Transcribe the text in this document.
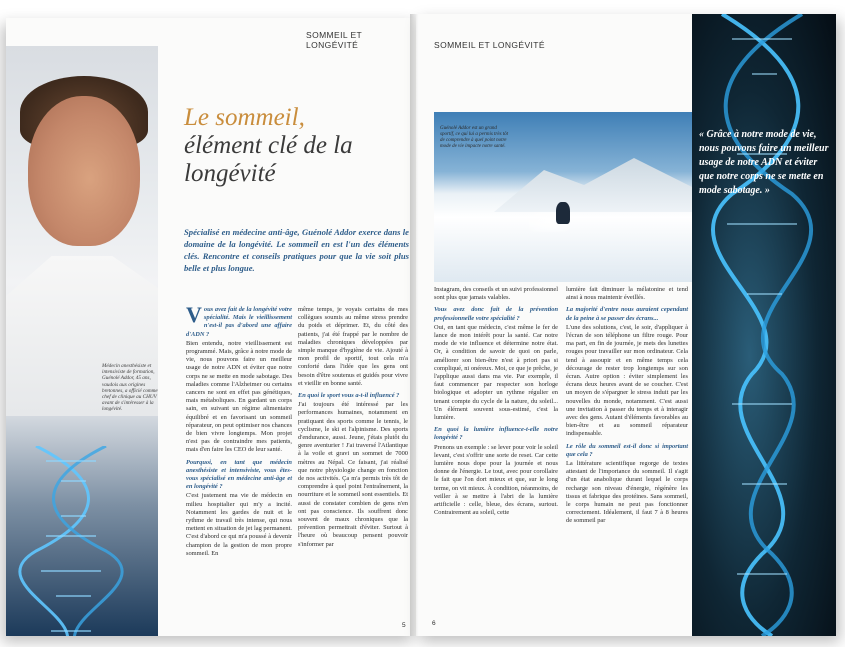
Médecin anesthésiste et intensiviste de formation, Guénolé Addor, 45 ans, vaudois aux origines bretonnes, a officié comme chef de clinique au CHUV avant de s'intéresser à la longévité.
SOMMEIL ET LONGÉVITÉ
Le sommeil,
élément clé de la longévité
Spécialisé en médecine anti-âge, Guénolé Addor exerce dans le domaine de la longévité. Le sommeil en est l'un des éléments clés. Rencontre et conseils pratiques pour que la vie soit plus belle et plus longue.
V ous avez fait de la longévité votre spécialité. Mais le vieillissement n'est-il pas d'abord une affaire d'ADN ?

Bien entendu, notre vieillissement est programmé. Mais, grâce à notre mode de vie, nous pouvons faire un meilleur usage de notre ADN et éviter que notre corps ne se mette en mode sabotage. Des maladies comme l'Alzheimer ou certains cancers ne sont en effet pas génétiques, mais métaboliques. En gardant un corps sain, en suivant un régime alimentaire équilibré et en favorisant un sommeil réparateur, on peut optimiser nos chances de bien vivre longtemps. Mon projet n'est pas de contraindre mes patients, mais d'en faire les CEO de leur santé.

Pourquoi, en tant que médecin anesthésiste et intensiviste, vous êtes-vous spécialisé en médecine anti-âge et en longévité ?

C'est justement ma vie de médecin en milieu hospitalier qui m'y a incité. Notamment les gardes de nuit et le rythme de travail très intense, qui nous mettent en situation de jet lag permanent. C'est d'abord ce qui m'a poussé à devenir champion de la gestion de mon propre sommeil. En

même temps, je voyais certains de mes collègues soumis au même stress prendre du poids et déprimer. Et, du côté des patients, j'ai été frappé par le nombre de maladies chroniques développées par simple manque d'hygiène de vie. Ajouté à mon profil de sportif, tout cela m'a conforté dans l'idée que les gens ont besoin d'être soutenus et guidés pour vivre et vieillir en bonne santé.

En quoi le sport vous a-t-il influencé ?

J'ai toujours été intéressé par les performances humaines, notamment en pratiquant des sports comme le tennis, le cyclisme, le ski et l'alpinisme. Des sports d'endurance, aussi. Jeune, j'étais plutôt du genre aventurier ! J'ai traversé l'Atlantique à la voile et gravi un sommet de 7000 mètres au Népal. Ce faisant, j'ai réalisé que notre physiologie change en fonction de nos activités. Ça m'a permis très tôt de comprendre à quel point l'entraînement, la nourriture et le sommeil sont essentiels. Et aussi de constater combien de gens n'en ont pas conscience. Ils souffrent donc souvent de maux chroniques que la prévention permettrait d'éviter. Surtout à l'heure où beaucoup pensent pouvoir s'informer par

5
SOMMEIL ET LONGÉVITÉ
Guénolé Addor est un grand sportif, ce qui lui a permis très tôt de comprendre à quel point notre mode de vie impacte notre santé.
« Grâce à notre mode de vie, nous pouvons faire un meilleur usage de notre ADN et éviter que notre corps ne se mette en mode sabotage. »

Instagram, des conseils et un suivi professionnel sont plus que jamais valables.

Vous avez donc fait de la prévention professionnelle votre spécialité ?

Oui, en tant que médecin, c'est même le fer de lance de mon intérêt pour la santé. Car notre mode de vie influence et détermine notre état. Or, à condition de savoir de quoi on parle, améliorer son bien-être n'est à priori pas si compliqué, ni onéreux. Moi, ce que je prêche, je l'applique aussi dans ma vie. Par exemple, il faut commencer par respecter son horloge biologique et adopter un rythme régulier en tenant compte du cycle de la nature, du soleil... Un élément souvent sous-estimé, c'est la lumière.

En quoi la lumière influence-t-elle notre longévité ?

Prenons un exemple : se lever pour voir le soleil levant, c'est s'offrir une sorte de reset. Car cette lumière nous dope pour la journée et nous donne de l'énergie. Le tout, avec pour corollaire le fait que l'on dort mieux et que, sur le long terme, on vit mieux. À condition, néanmoins, de veiller à se mettre à l'abri de la lumière artificielle : celle, bleue, des écrans, surtout. Contrairement au soleil, cette

lumière fait diminuer la mélatonine et tend ainsi à nous maintenir éveillés.

La majorité d'entre nous auraient cependant de la peine à se passer des écrans...

L'une des solutions, c'est, le soir, d'appliquer à l'écran de son téléphone un filtre rouge. Pour ma part, en fin de journée, je mets des lunettes rouges pour travailler sur mon ordinateur. Cela tend à assoupir et en même temps cela décourage de rester trop longtemps sur son écran. Autre option : éviter simplement les écrans deux heures avant de se coucher. C'est un moyen de s'épargner le stress induit par les nouvelles du monde, notamment. C'est aussi une invitation à passer du temps et à interagir avec des gens. Autant d'éléments favorables au bien-être et au sommeil réparateur indispensable.

Le rôle du sommeil est-il donc si important que cela ?

La littérature scientifique regorge de textes attestant de l'importance du sommeil. Il s'agit d'un état anabolique durant lequel le corps recharge son niveau d'énergie, régénère les tissus et fabrique des protéines. Sans sommeil, le corps humain ne peut pas fonctionner correctement. Idéalement, il faut 7 à 8 heures de sommeil par

6
